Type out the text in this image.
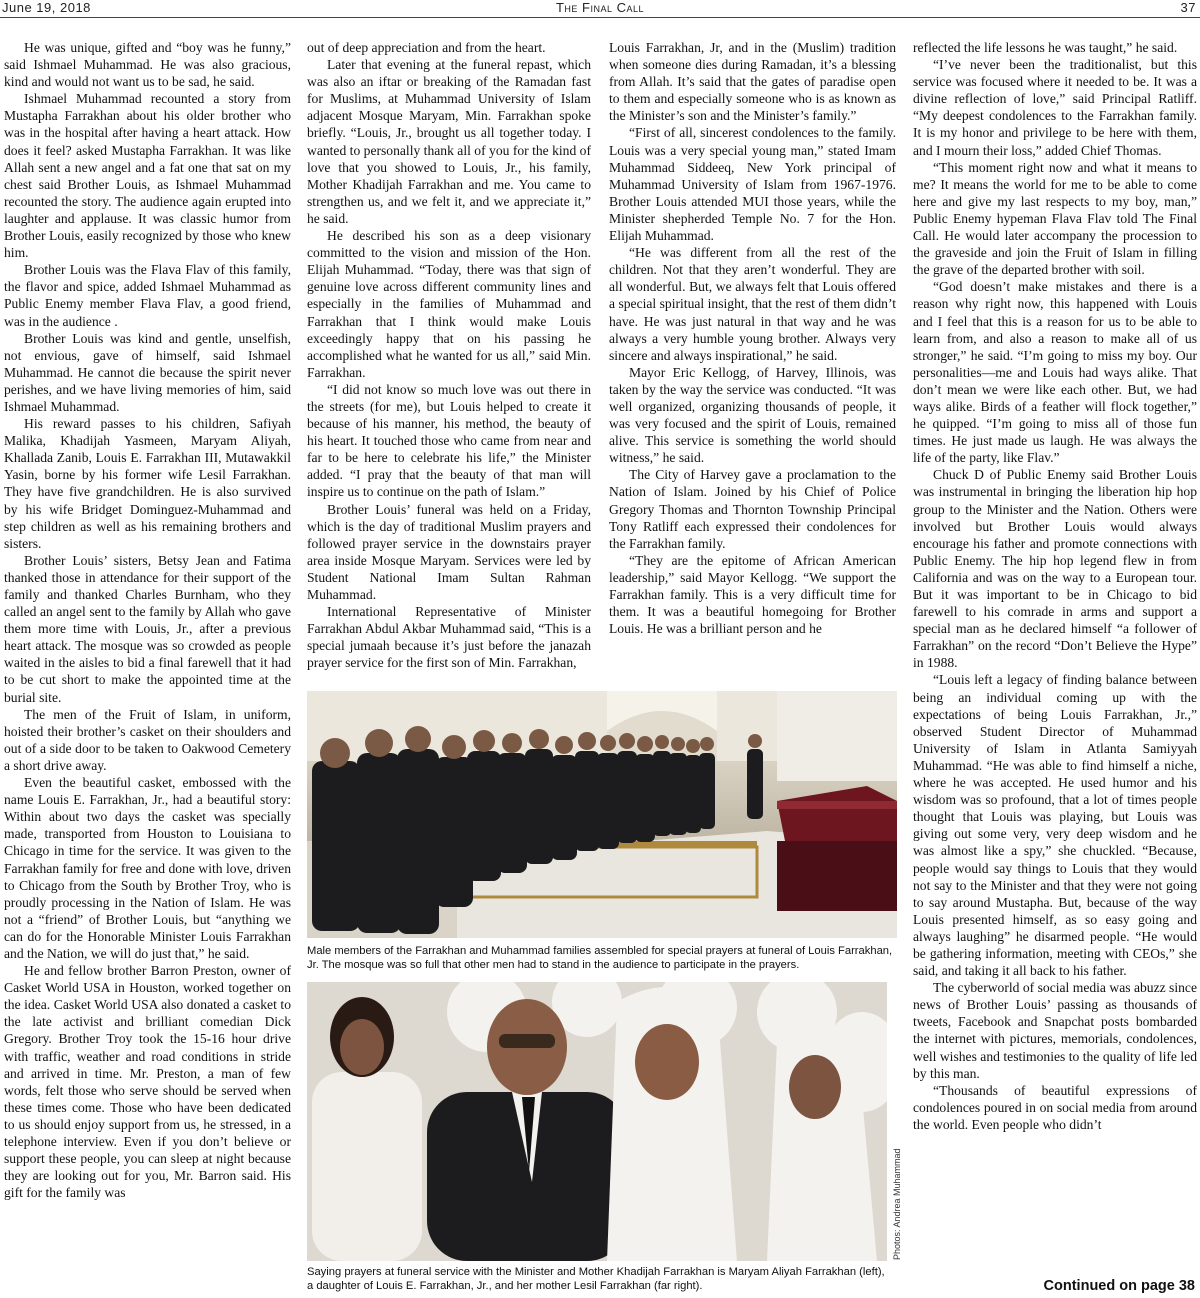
June 19, 2018	The Final Call	37

He was unique, gifted and “boy was he funny,” said Ishmael Muhammad. He was also gracious, kind and would not want us to be sad, he said.

Ishmael Muhammad recounted a story from Mustapha Farrakhan about his older brother who was in the hospital after having a heart attack. How does it feel? asked Mustapha Farrakhan. It was like Allah sent a new angel and a fat one that sat on my chest said Brother Louis, as Ishmael Muhammad recounted the story. The audience again erupted into laughter and applause. It was classic humor from Brother Louis, easily recognized by those who knew him.

Brother Louis was the Flava Flav of this family, the flavor and spice, added Ishmael Muhammad as Public Enemy member Flava Flav, a good friend, was in the audience .

Brother Louis was kind and gentle, unselfish, not envious, gave of himself, said Ishmael Muhammad. He cannot die because the spirit never perishes, and we have living memories of him, said Ishmael Muhammad.

His reward passes to his children, Safiyah Malika, Khadijah Yasmeen, Maryam Aliyah, Khallada Zanib, Louis E. Farrakhan III, Mutawakkil Yasin, borne by his former wife Lesil Farrakhan. They have five grandchildren. He is also survived by his wife Bridget Dominguez-Muhammad and step children as well as his remaining brothers and sisters.

Brother Louis’ sisters, Betsy Jean and Fatima thanked those in attendance for their support of the family and thanked Charles Burnham, who they called an angel sent to the family by Allah who gave them more time with Louis, Jr., after a previous heart attack. The mosque was so crowded as people waited in the aisles to bid a final farewell that it had to be cut short to make the appointed time at the burial site.

The men of the Fruit of Islam, in uniform, hoisted their brother’s casket on their shoulders and out of a side door to be taken to Oakwood Cemetery a short drive away.

Even the beautiful casket, embossed with the name Louis E. Farrakhan, Jr., had a beautiful story: Within about two days the casket was specially made, transported from Houston to Louisiana to Chicago in time for the service. It was given to the Farrakhan family for free and done with love, driven to Chicago from the South by Brother Troy, who is proudly processing in the Nation of Islam. He was not a “friend” of Brother Louis, but “anything we can do for the Honorable Minister Louis Farrakhan and the Nation, we will do just that,” he said.

He and fellow brother Barron Preston, owner of Casket World USA in Houston, worked together on the idea. Casket World USA also donated a casket to the late activist and brilliant comedian Dick Gregory. Brother Troy took the 15-16 hour drive with traffic, weather and road conditions in stride and arrived in time. Mr. Preston, a man of few words, felt those who serve should be served when these times come. Those who have been dedicated to us should enjoy support from us, he stressed, in a telephone interview. Even if you don’t believe or support these people, you can sleep at night because they are looking out for you, Mr. Barron said. His gift for the family was

out of deep appreciation and from the heart.

Later that evening at the funeral repast, which was also an iftar or breaking of the Ramadan fast for Muslims, at Muhammad University of Islam adjacent Mosque Maryam, Min. Farrakhan spoke briefly. “Louis, Jr., brought us all together today. I wanted to personally thank all of you for the kind of love that you showed to Louis, Jr., his family, Mother Khadijah Farrakhan and me. You came to strengthen us, and we felt it, and we appreciate it,” he said.

He described his son as a deep visionary committed to the vision and mission of the Hon. Elijah Muhammad. “Today, there was that sign of genuine love across different community lines and especially in the families of Muhammad and Farrakhan that I think would make Louis exceedingly happy that on his passing he accomplished what he wanted for us all,” said Min. Farrakhan.

“I did not know so much love was out there in the streets (for me), but Louis helped to create it because of his manner, his method, the beauty of his heart. It touched those who came from near and far to be here to celebrate his life,” the Minister added. “I pray that the beauty of that man will inspire us to continue on the path of Islam.”

Brother Louis’ funeral was held on a Friday, which is the day of traditional Muslim prayers and followed prayer service in the downstairs prayer area inside Mosque Maryam. Services were led by Student National Imam Sultan Rahman Muhammad.

International Representative of Minister Farrakhan Abdul Akbar Muhammad said, “This is a special jumaah because it’s just before the janazah prayer service for the first son of Min. Farrakhan,

Louis Farrakhan, Jr, and in the (Muslim) tradition when someone dies during Ramadan, it’s a blessing from Allah. It’s said that the gates of paradise open to them and especially someone who is as known as the Minister’s son and the Minister’s family.”

“First of all, sincerest condolences to the family. Louis was a very special young man,” stated Imam Muhammad Siddeeq, New York principal of Muhammad University of Islam from 1967-1976. Brother Louis attended MUI those years, while the Minister shepherded Temple No. 7 for the Hon. Elijah Muhammad.

“He was different from all the rest of the children. Not that they aren’t wonderful. They are all wonderful. But, we always felt that Louis offered a special spiritual insight, that the rest of them didn’t have. He was just natural in that way and he was always a very humble young brother. Always very sincere and always inspirational,” he said.

Mayor Eric Kellogg, of Harvey, Illinois, was taken by the way the service was conducted. “It was well organized, organizing thousands of people, it was very focused and the spirit of Louis, remained alive. This service is something the world should witness,” he said.

The City of Harvey gave a proclamation to the Nation of Islam. Joined by his Chief of Police Gregory Thomas and Thornton Township Principal Tony Ratliff each expressed their condolences for the Farrakhan family.

“They are the epitome of African American leadership,” said Mayor Kellogg. “We support the Farrakhan family. This is a very difficult time for them. It was a beautiful homegoing for Brother Louis. He was a brilliant person and he

reflected the life lessons he was taught,” he said.

“I’ve never been the traditionalist, but this service was focused where it needed to be. It was a divine reflection of love,” said Principal Ratliff. “My deepest condolences to the Farrakhan family. It is my honor and privilege to be here with them, and I mourn their loss,” added Chief Thomas.

“This moment right now and what it means to me? It means the world for me to be able to come here and give my last respects to my boy, man,” Public Enemy hypeman Flava Flav told The Final Call. He would later accompany the procession to the graveside and join the Fruit of Islam in filling the grave of the departed brother with soil.

“God doesn’t make mistakes and there is a reason why right now, this happened with Louis and I feel that this is a reason for us to be able to learn from, and also a reason to make all of us stronger,” he said. “I’m going to miss my boy. Our personalities—me and Louis had ways alike. That don’t mean we were like each other. But, we had ways alike. Birds of a feather will flock together,” he quipped. “I’m going to miss all of those fun times. He just made us laugh. He was always the life of the party, like Flav.”

Chuck D of Public Enemy said Brother Louis was instrumental in bringing the liberation hip hop group to the Minister and the Nation. Others were involved but Brother Louis would always encourage his father and promote connections with Public Enemy. The hip hop legend flew in from California and was on the way to a European tour. But it was important to be in Chicago to bid farewell to his comrade in arms and support a special man as he declared himself “a follower of Farrakhan” on the record “Don’t Believe the Hype” in 1988.

“Louis left a legacy of finding balance between being an individual coming up with the expectations of being Louis Farrakhan, Jr.,” observed Student Director of Muhammad University of Islam in Atlanta Samiyyah Muhammad. “He was able to find himself a niche, where he was accepted. He used humor and his wisdom was so profound, that a lot of times people thought that Louis was playing, but Louis was giving out some very, very deep wisdom and he was almost like a spy,” she chuckled. “Because, people would say things to Louis that they would not say to the Minister and that they were not going to say around Mustapha. But, because of the way Louis presented himself, as so easy going and always laughing” he disarmed people. “He would be gathering information, meeting with CEOs,” she said, and taking it all back to his father.

The cyberworld of social media was abuzz since news of Brother Louis’ passing as thousands of tweets, Facebook and Snapchat posts bombarded the internet with pictures, memorials, condolences, well wishes and testimonies to the quality of life led by this man.

“Thousands of beautiful expressions of condolences poured in on social media from around the world. Even people who didn’t

Male members of the Farrakhan and Muhammad families assembled for special prayers at funeral of Louis Farrakhan, Jr. The mosque was so full that other men had to stand in the audience to participate in the prayers.
Photos: Andrea Muhammad
Saying prayers at funeral service with the Minister and Mother Khadijah Farrakhan is Maryam Aliyah Farrakhan (left), a daughter of Louis E. Farrakhan, Jr., and her mother Lesil Farrakhan (far right).	Continued on page 38
